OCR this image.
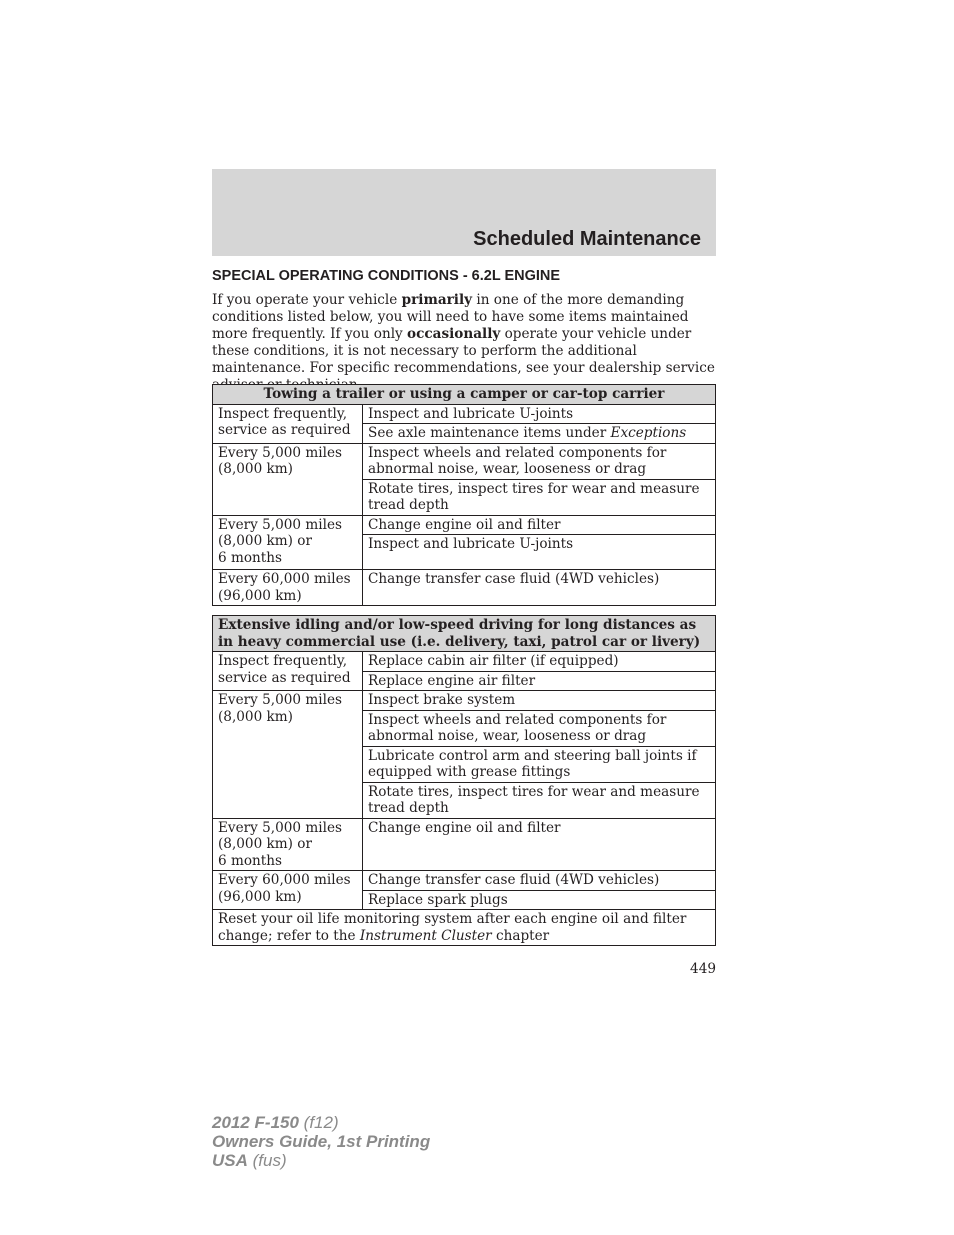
Scheduled Maintenance
SPECIAL OPERATING CONDITIONS - 6.2L ENGINE
If you operate your vehicle primarily in one of the more demanding conditions listed below, you will need to have some items maintained more frequently. If you only occasionally operate your vehicle under these conditions, it is not necessary to perform the additional maintenance. For specific recommendations, see your dealership service
Towing a trailer or using a camper or car-top carrier	
Inspect frequently, service as required	Inspect and lubricate U-joints
	See axle maintenance items under Exceptions
Every 5,000 miles (8,000 km)	Inspect wheels and related components for abnormal noise, wear, looseness or drag
	Rotate tires, inspect tires for wear and measure tread depth
Every 5,000 miles
(8,000 km) or
6 months	Change engine oil and filter
	Inspect and lubricate U-joints
Every 60,000 miles (96,000 km)	Change transfer case fluid (4WD vehicles)
Extensive idling and/or low-speed driving for long distances as in heavy commercial use (i.e. delivery, taxi, patrol car or livery)	
Inspect frequently, service as required	Replace cabin air filter (if equipped)
	Replace engine air filter
Every 5,000 miles (8,000 km)	Inspect brake system
	Inspect wheels and related components for abnormal noise, wear, looseness or drag
	Lubricate control arm and steering ball joints if equipped with grease fittings
	Rotate tires, inspect tires for wear and measure tread depth
Every 5,000 miles
(8,000 km) or
6 months	Change engine oil and filter
Every 60,000 miles (96,000 km)	Change transfer case fluid (4WD vehicles)
	Replace spark plugs
Reset your oil life monitoring system after each engine oil and filter change; refer to the Instrument Cluster chapter	
449
2012 F-150 (f12)
Owners Guide, 1st Printing
USA (fus)
